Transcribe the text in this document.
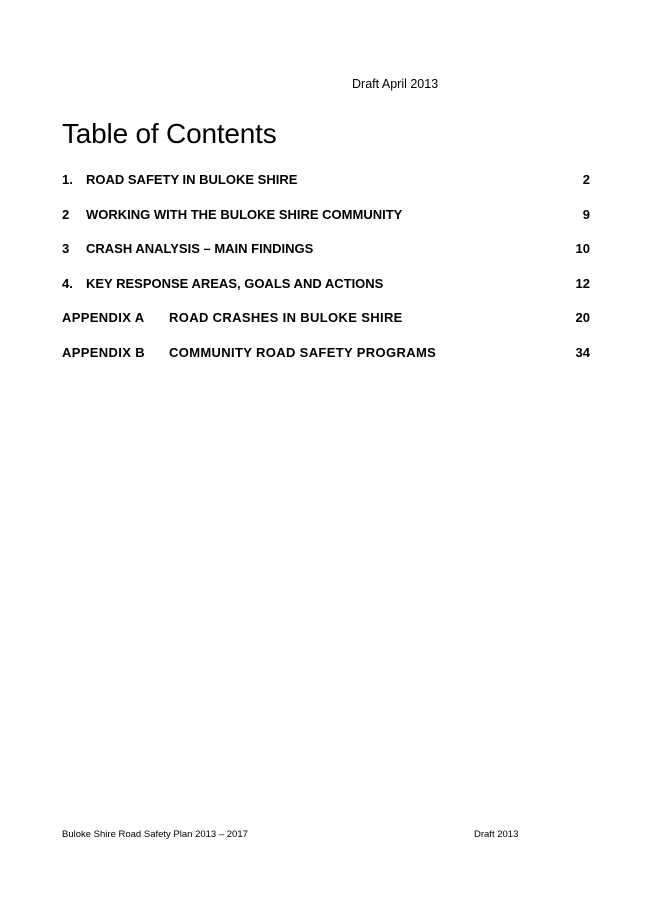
Draft April 2013
Table of Contents
1. ROAD SAFETY IN BULOKE SHIRE	2
2 WORKING WITH THE BULOKE SHIRE COMMUNITY	9
3 CRASH ANALYSIS – MAIN FINDINGS	10
4. KEY RESPONSE AREAS, GOALS AND ACTIONS	12
APPENDIX A ROAD CRASHES IN BULOKE SHIRE	20
APPENDIX B COMMUNITY ROAD SAFETY PROGRAMS	34
Buloke Shire Road Safety Plan 2013 – 2017	Draft 2013
